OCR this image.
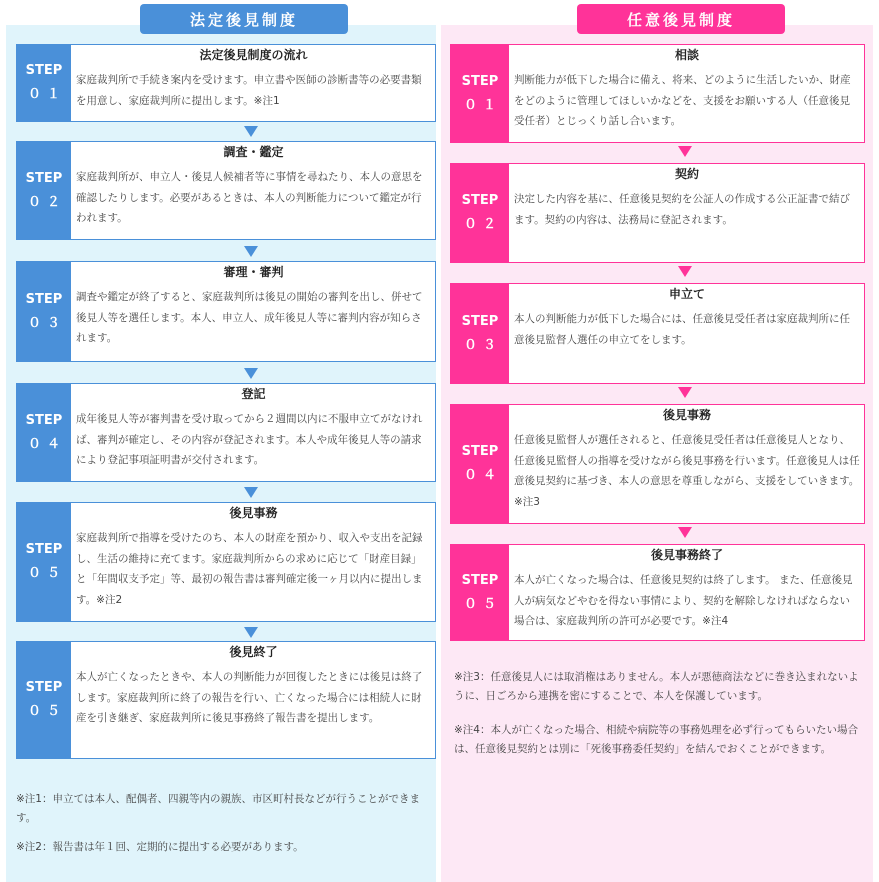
STEP
０１
法定後見制度の流れ
家庭裁判所で手続き案内を受けます。申立書や医師の診断書等の必要書類を用意し、家庭裁判所に提出します。※注1
STEP
０２
調査・鑑定
家庭裁判所が、申立人・後見人候補者等に事情を尋ねたり、本人の意思を確認したりします。必要があるときは、本人の判断能力について鑑定が行われます。
STEP
０３
審理・審判
調査や鑑定が終了すると、家庭裁判所は後見の開始の審判を出し、併せて後見人等を選任します。本人、申立人、成年後見人等に審判内容が知らされます。
STEP
０４
登記
成年後見人等が審判書を受け取ってから２週間以内に不服申立てがなければ、審判が確定し、その内容が登記されます。本人や成年後見人等の請求により登記事項証明書が交付されます。
STEP
０５
後見事務
家庭裁判所で指導を受けたのち、本人の財産を預かり、収入や支出を記録し、生活の維持に充てます。家庭裁判所からの求めに応じて「財産目録」と「年間収支予定」等、最初の報告書は審判確定後一ヶ月以内に提出します。※注2
STEP
０５
後見終了
本人が亡くなったときや、本人の判断能力が回復したときには後見は終了します。家庭裁判所に終了の報告を行い、亡くなった場合には相続人に財産を引き継ぎ、家庭裁判所に後見事務終了報告書を提出します。
※注1：申立ては本人、配偶者、四親等内の親族、市区町村長などが行うことができます。
※注2：報告書は年１回、定期的に提出する必要があります。
STEP
０１
相談
判断能力が低下した場合に備え、将来、どのように生活したいか、財産をどのように管理してほしいかなどを、支援をお願いする人（任意後見受任者）とじっくり話し合います。
STEP
０２
契約
決定した内容を基に、任意後見契約を公証人の作成する公正証書で結びます。契約の内容は、法務局に登記されます。
STEP
０３
申立て
本人の判断能力が低下した場合には、任意後見受任者は家庭裁判所に任意後見監督人選任の申立てをします。
STEP
０４
後見事務
任意後見監督人が選任されると、任意後見受任者は任意後見人となり、任意後見監督人の指導を受けながら後見事務を行います。任意後見人は任意後見契約に基づき、本人の意思を尊重しながら、支援をしていきます。 ※注3
STEP
０５
後見事務終了
本人が亡くなった場合は、任意後見契約は終了します。 また、任意後見人が病気などやむを得ない事情により、契約を解除しなければならない場合は、家庭裁判所の許可が必要です。※注4
※注3：任意後見人には取消権はありません。本人が悪徳商法などに巻き込まれないように、日ごろから連携を密にすることで、本人を保護しています。
※注4：本人が亡くなった場合、相続や病院等の事務処理を必ず行ってもらいたい場合は、任意後見契約とは別に「死後事務委任契約」を結んでおくことができます。
法定後見制度	任意後見制度
